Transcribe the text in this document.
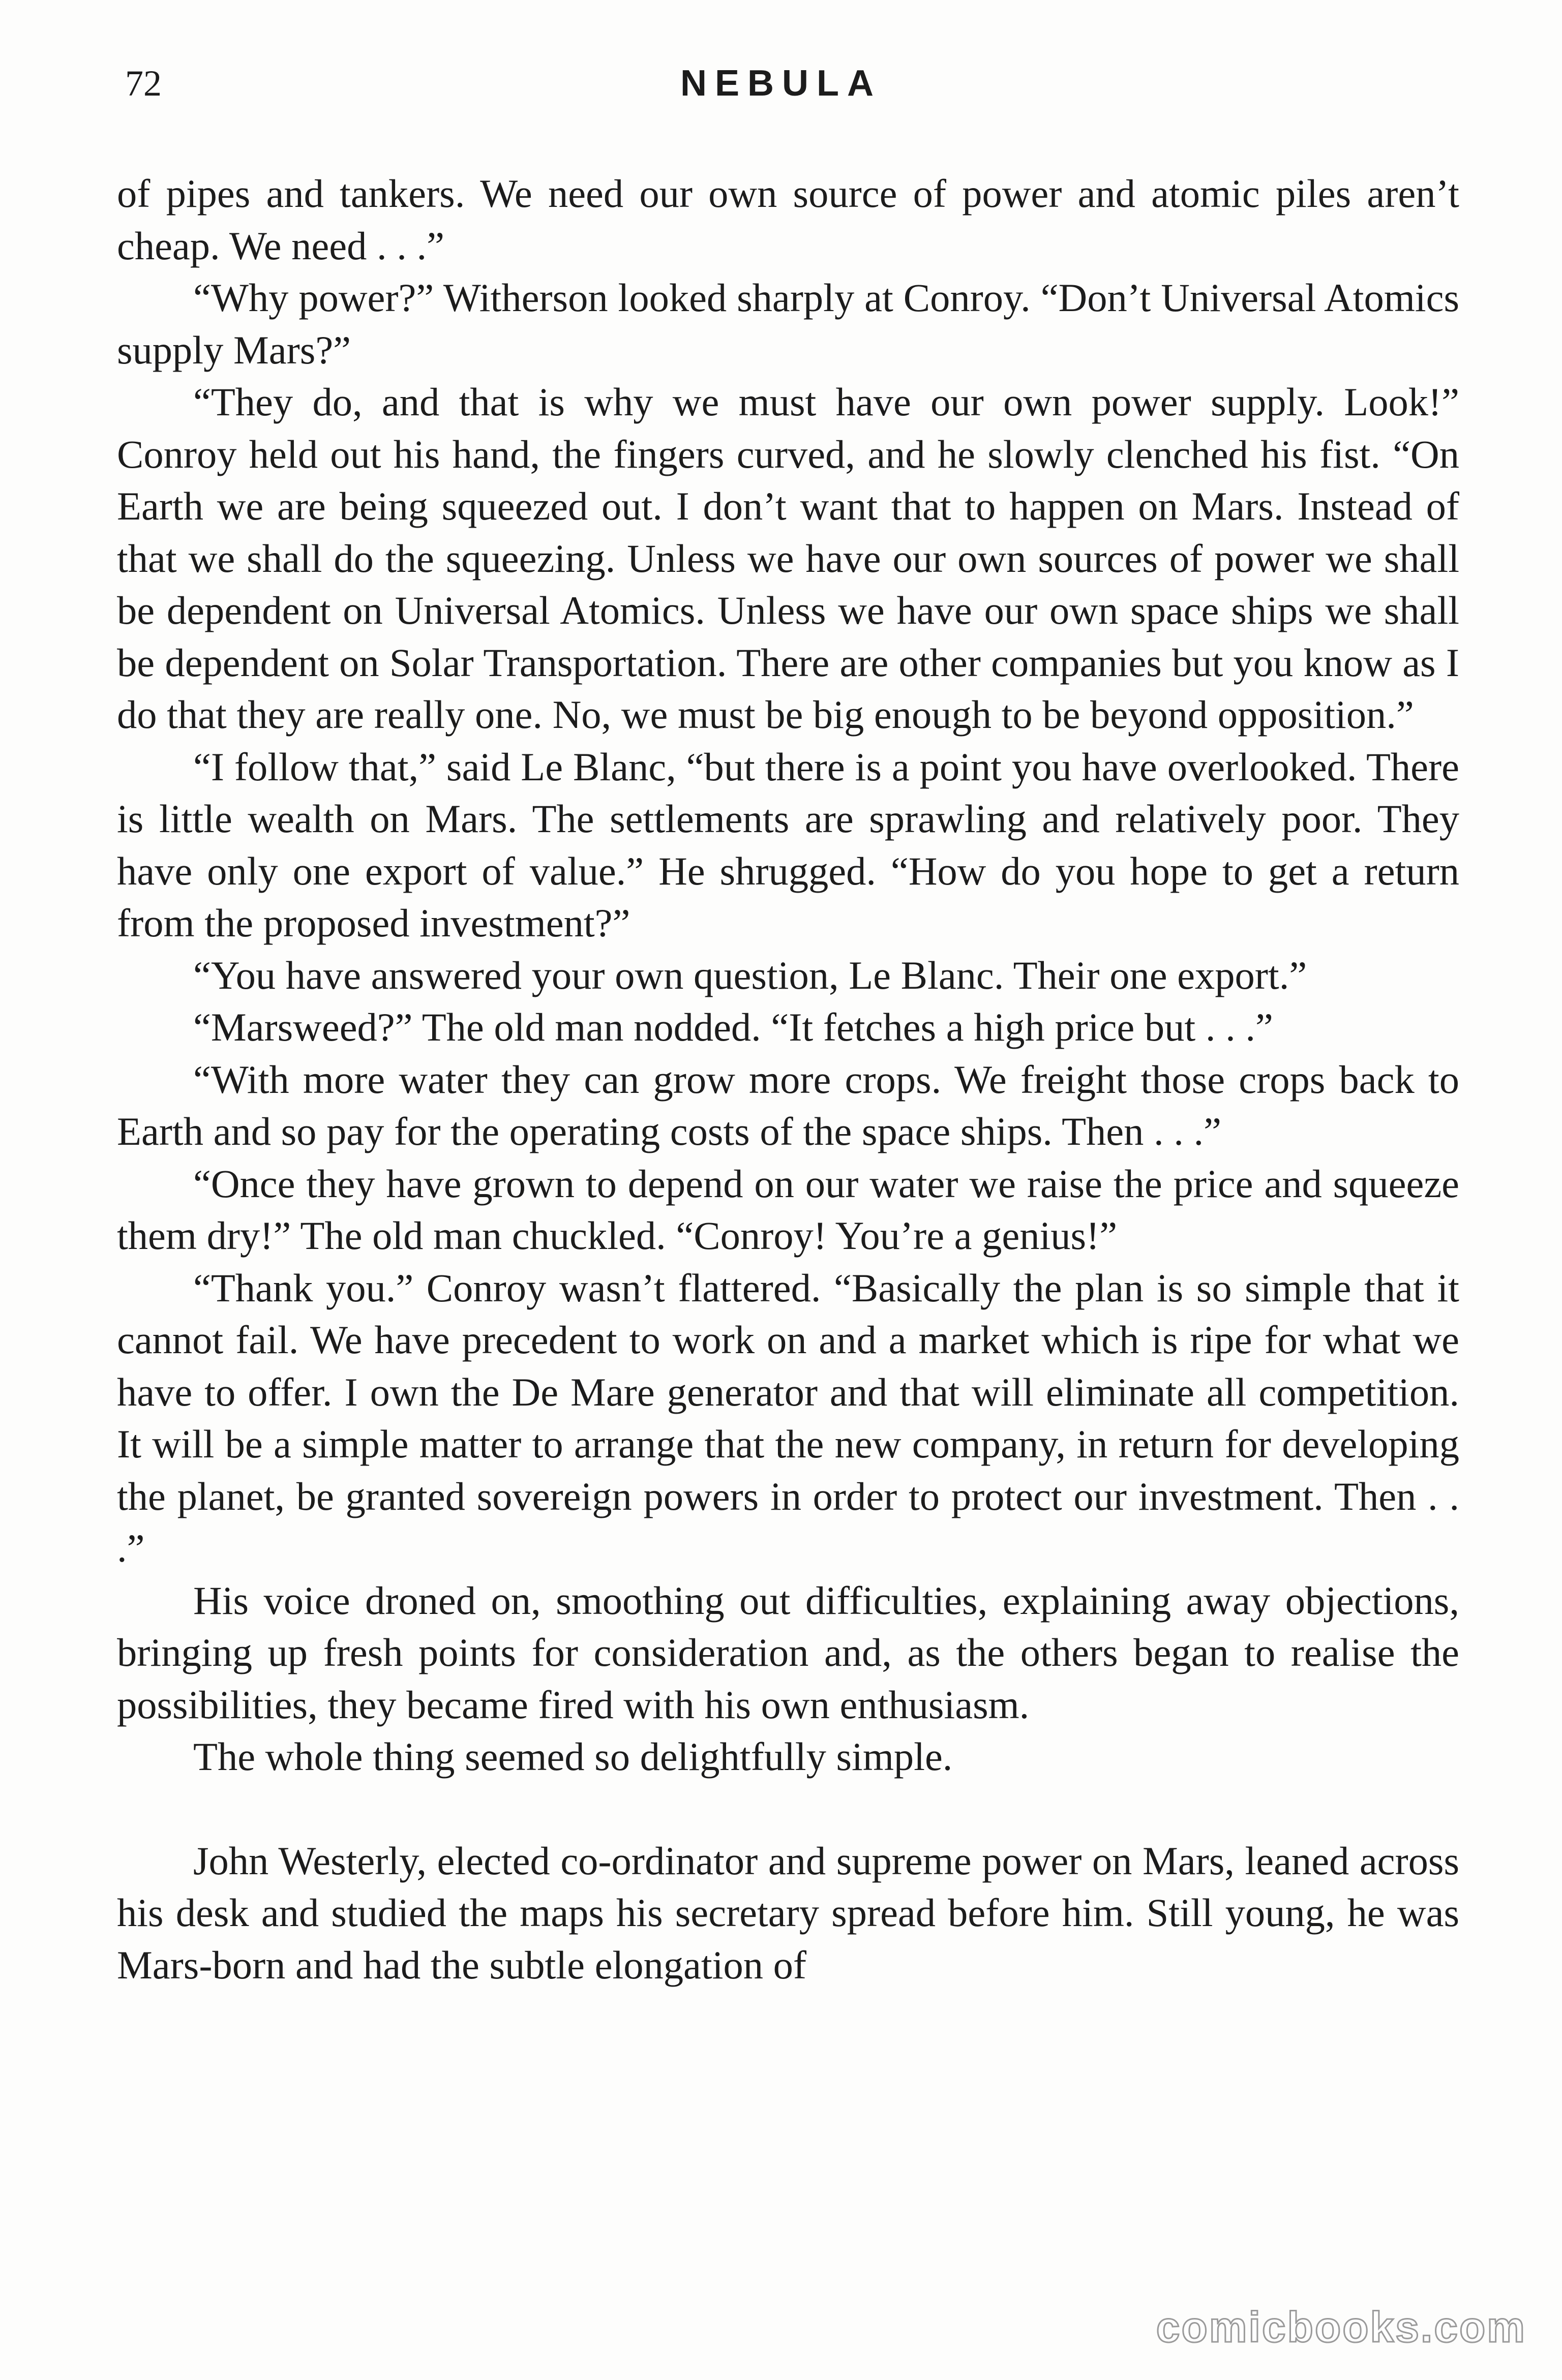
72	NEBULA

of pipes and tankers. We need our own source of power and atomic piles aren’t cheap. We need . . .”

“Why power?” Witherson looked sharply at Conroy. “Don’t Universal Atomics supply Mars?”

“They do, and that is why we must have our own power supply. Look!” Conroy held out his hand, the fingers curved, and he slowly clenched his fist. “On Earth we are being squeezed out. I don’t want that to happen on Mars. Instead of that we shall do the squeezing. Unless we have our own sources of power we shall be dependent on Universal Atomics. Unless we have our own space ships we shall be dependent on Solar Transportation. There are other companies but you know as I do that they are really one. No, we must be big enough to be beyond opposition.”

“I follow that,” said Le Blanc, “but there is a point you have overlooked. There is little wealth on Mars. The settlements are sprawling and relatively poor. They have only one export of value.” He shrugged. “How do you hope to get a return from the proposed investment?”

“You have answered your own question, Le Blanc. Their one export.”

“Marsweed?” The old man nodded. “It fetches a high price but . . .”

“With more water they can grow more crops. We freight those crops back to Earth and so pay for the operating costs of the space ships. Then . . .”

“Once they have grown to depend on our water we raise the price and squeeze them dry!” The old man chuckled. “Conroy! You’re a genius!”

“Thank you.” Conroy wasn’t flattered. “Basically the plan is so simple that it cannot fail. We have precedent to work on and a market which is ripe for what we have to offer. I own the De Mare generator and that will eliminate all competition. It will be a simple matter to arrange that the new company, in return for developing the planet, be granted sovereign powers in order to protect our investment. Then . . .”

His voice droned on, smoothing out difficulties, explaining away objections, bringing up fresh points for consideration and, as the others began to realise the possibilities, they became fired with his own enthusiasm.

The whole thing seemed so delightfully simple.

John Westerly, elected co-ordinator and supreme power on Mars, leaned across his desk and studied the maps his secretary spread before him. Still young, he was Mars-born and had the subtle elongation of

comicbooks.com
